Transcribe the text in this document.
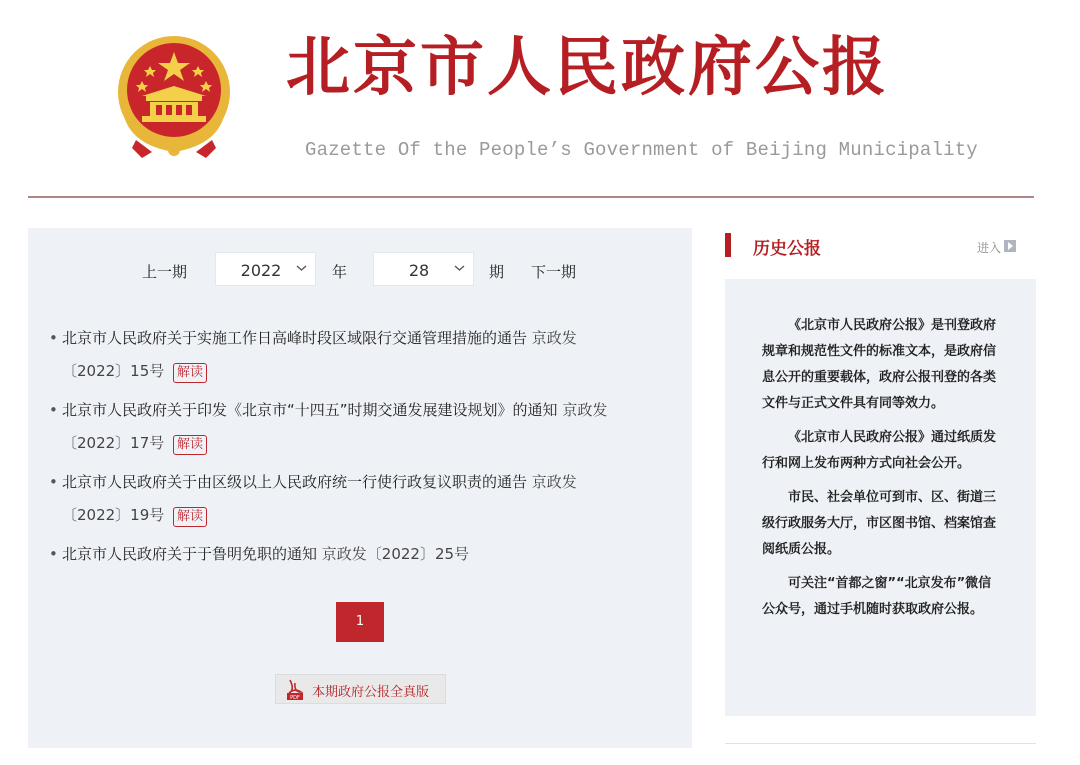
北京市人民政府公报
Gazette Of the People’s Government of Beijing Municipality
上一期	2022	年	28	期 下一期
• 北京市人民政府关于实施工作日高峰时段区域限行交通管理措施的通告 京政发
〔2022〕15号 解读
• 北京市人民政府关于印发《北京市“十四五”时期交通发展建设规划》的通知 京政发
〔2022〕17号 解读
• 北京市人民政府关于由区级以上人民政府统一行使行政复议职责的通告 京政发
〔2022〕19号 解读
• 北京市人民政府关于于鲁明免职的通知 京政发〔2022〕25号
1
PDF 本期政府公报全真版
历史公报	进入

《北京市人民政府公报》是刊登政府规章和规范性文件的标准文本，是政府信息公开的重要载体，政府公报刊登的各类文件与正式文件具有同等效力。

《北京市人民政府公报》通过纸质发行和网上发布两种方式向社会公开。

市民、社会单位可到市、区、街道三级行政服务大厅，市区图书馆、档案馆查阅纸质公报。

可关注“首都之窗”“北京发布”微信公众号，通过手机随时获取政府公报。
